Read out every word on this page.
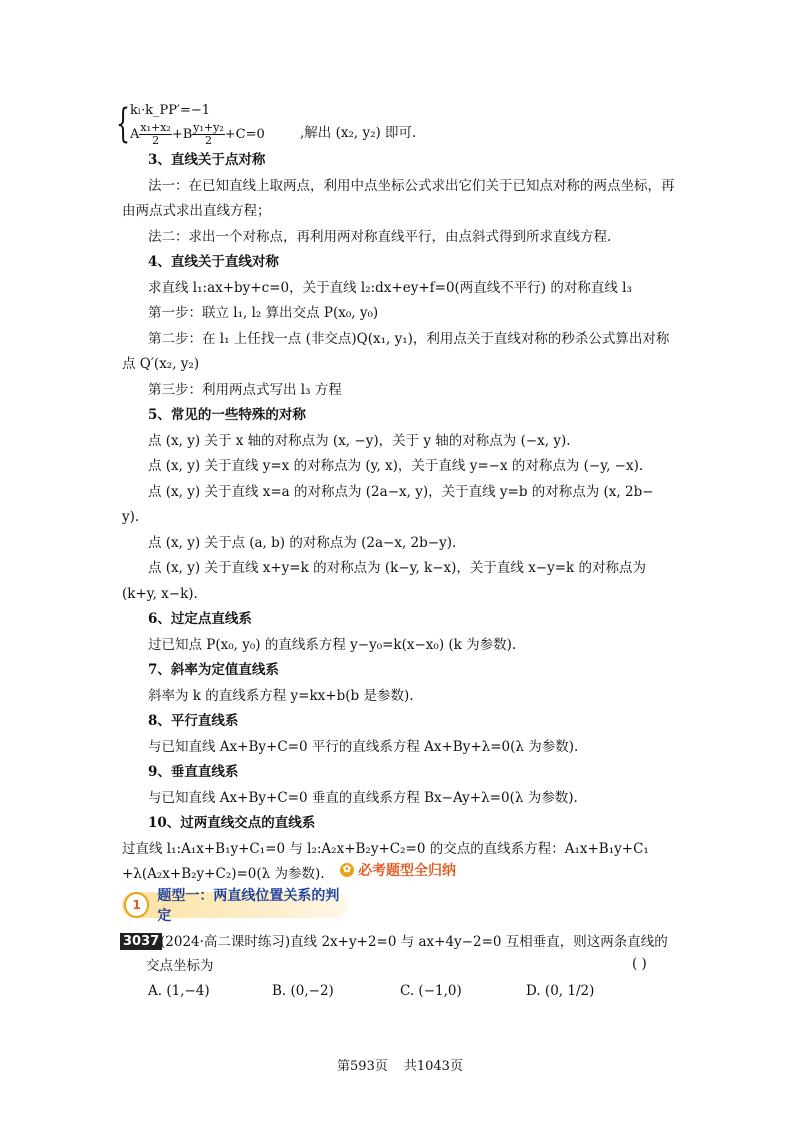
{ kₗ·k_PP′=−1
A $\frac{\text{x₁+x₂}}{2} +B \frac{\text{y₁+y₂}}{2} +C=0$	,解出 (x₂, y₂) 即可.
3、直线关于点对称
法一：在已知直线上取两点，利用中点坐标公式求出它们关于已知点对称的两点坐标，再
由两点式求出直线方程；
法二：求出一个对称点，再利用两对称直线平行，由点斜式得到所求直线方程.
4、直线关于直线对称
求直线 l₁:ax+by+c=0，关于直线 l₂:dx+ey+f=0(两直线不平行) 的对称直线 l₃
第一步：联立 l₁, l₂ 算出交点 P(x₀, y₀)
第二步：在 l₁ 上任找一点 (非交点)Q(x₁, y₁)，利用点关于直线对称的秒杀公式算出对称
点 Q′(x₂, y₂)
第三步：利用两点式写出 l₃ 方程
5、常见的一些特殊的对称
点 (x, y) 关于 x 轴的对称点为 (x, −y)，关于 y 轴的对称点为 (−x, y).
点 (x, y) 关于直线 y=x 的对称点为 (y, x)，关于直线 y=−x 的对称点为 (−y, −x).
点 (x, y) 关于直线 x=a 的对称点为 (2a−x, y)，关于直线 y=b 的对称点为 (x, 2b−
y).
点 (x, y) 关于点 (a, b) 的对称点为 (2a−x, 2b−y).
点 (x, y) 关于直线 x+y=k 的对称点为 (k−y, k−x)，关于直线 x−y=k 的对称点为
(k+y, x−k).
6、过定点直线系
过已知点 P(x₀, y₀) 的直线系方程 y−y₀=k(x−x₀) (k 为参数).
7、斜率为定值直线系
斜率为 k 的直线系方程 y=kx+b(b 是参数).
8、平行直线系
与已知直线 Ax+By+C=0 平行的直线系方程 Ax+By+λ=0(λ 为参数).
9、垂直直线系
与已知直线 Ax+By+C=0 垂直的直线系方程 Bx−Ay+λ=0(λ 为参数).
10、过两直线交点的直线系
过直线 l₁:A₁x+B₁y+C₁=0 与 l₂:A₂x+B₂y+C₂=0 的交点的直线系方程：A₁x+B₁y+C₁
+λ(A₂x+B₂y+C₂)=0(λ 为参数). ✿ 必考题型全归纳
1
题型一：两直线位置关系的判定
3037 (2024·高二课时练习)直线 2x+y+2=0 与 ax+4y−2=0 互相垂直，则这两条直线的
交点坐标为	( )
A. (1,−4)	B. (0,−2)	C. (−1,0)	D. (0, 1/2)
第593页 共1043页
